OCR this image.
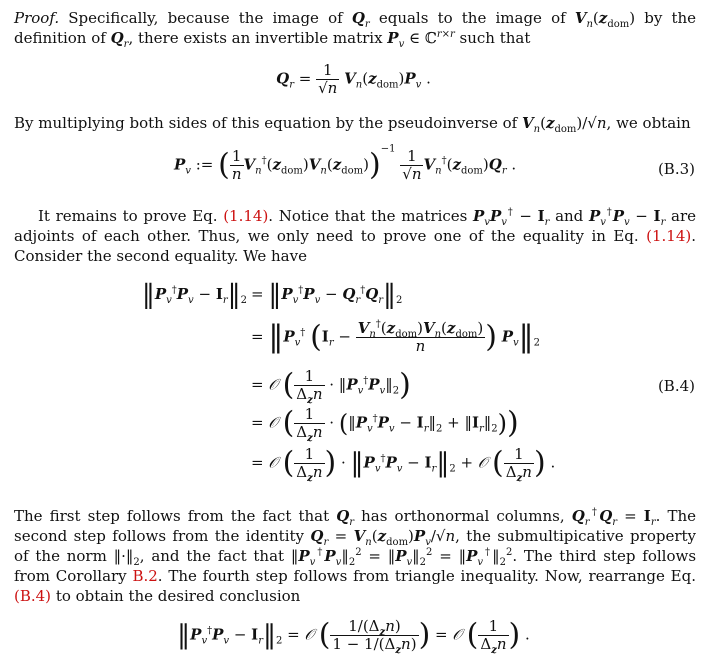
Proof. Specifically, because the image of $Q_r$ equals to the image of $V_n(z_{dom})$ by the definition of $Q_r$, there exists an invertible matrix $P_v$ ∈ ℂ$^{r\times r}$ such that
$Q_r = \frac{1}{√n} V_n(z_{dom})P_v$ .
By multiplying both sides of this equation by the pseudoinverse of $V_n(z_{dom})/√n$, we obtain
$P_v$ := ( $\frac{1}{n} V_n^\dagger(z_{dom})V_n(z_{dom}))^{-1} \frac{1}{√n} V_n^\dagger(z_{dom})Q_r$ .	(B.3)
It remains to prove Eq. (1.14). Notice that the matrices $P_vP_v^\dagger - I_r$ and $P_v^\dagger P_v - I_r$ are adjoints of each other. Thus, we only need to prove one of the equality in Eq. (1.14). Consider the second equality. We have
$‖P_v^\dagger P_v$ − $I_r‖_2$ = $‖P_v^\dagger P_v$ − $Q_r^\dagger Q_r‖_2$
= $‖P_v^\dagger$ ($I_r - \frac{V_n^\dagger(z_{dom})V_n(z_{dom})}{n}$ ) $P_v‖_2$
= 𝒪 ( $\frac{1}{\Delta_zn}$ · $‖P_v^\dagger P_v‖_2$)	(B.4)
= 𝒪 ( $\frac{1}{\Delta_zn}$ · ($‖P_v^\dagger P_v$ − $I_r‖_2$ + $‖I_r‖_2$))
= 𝒪 ( $\frac{1}{\Delta_zn}$ ) · $‖P_v^\dagger P_v$ − $I_r‖_2$ + 𝒪 ( $\frac{1}{\Delta_zn}$ ) .
The first step follows from the fact that $Q_r$ has orthonormal columns, $Q_r^\dagger Q_r = I_r$. The second step follows from the identity $Q_r = V_n(z_{dom})P_v/√n$, the submultipicative property of the norm $‖\cdot‖_2$, and the fact that $‖P_v^\dagger P_v‖_2^2$ = $‖P_v‖_2^2$ = $‖P_v^\dagger‖_2^2$. The third step follows from Corollary B.2. The fourth step follows from triangle inequality. Now, rearrange Eq. (B.4) to obtain the desired conclusion
$‖P_v^\dagger P_v$ − $I_r‖_2$ = 𝒪 ( $\frac{1/(\Delta_zn)}{1 - 1/(\Delta_zn)}$ ) = 𝒪 ( $\frac{1}{\Delta_zn}$ ) .
